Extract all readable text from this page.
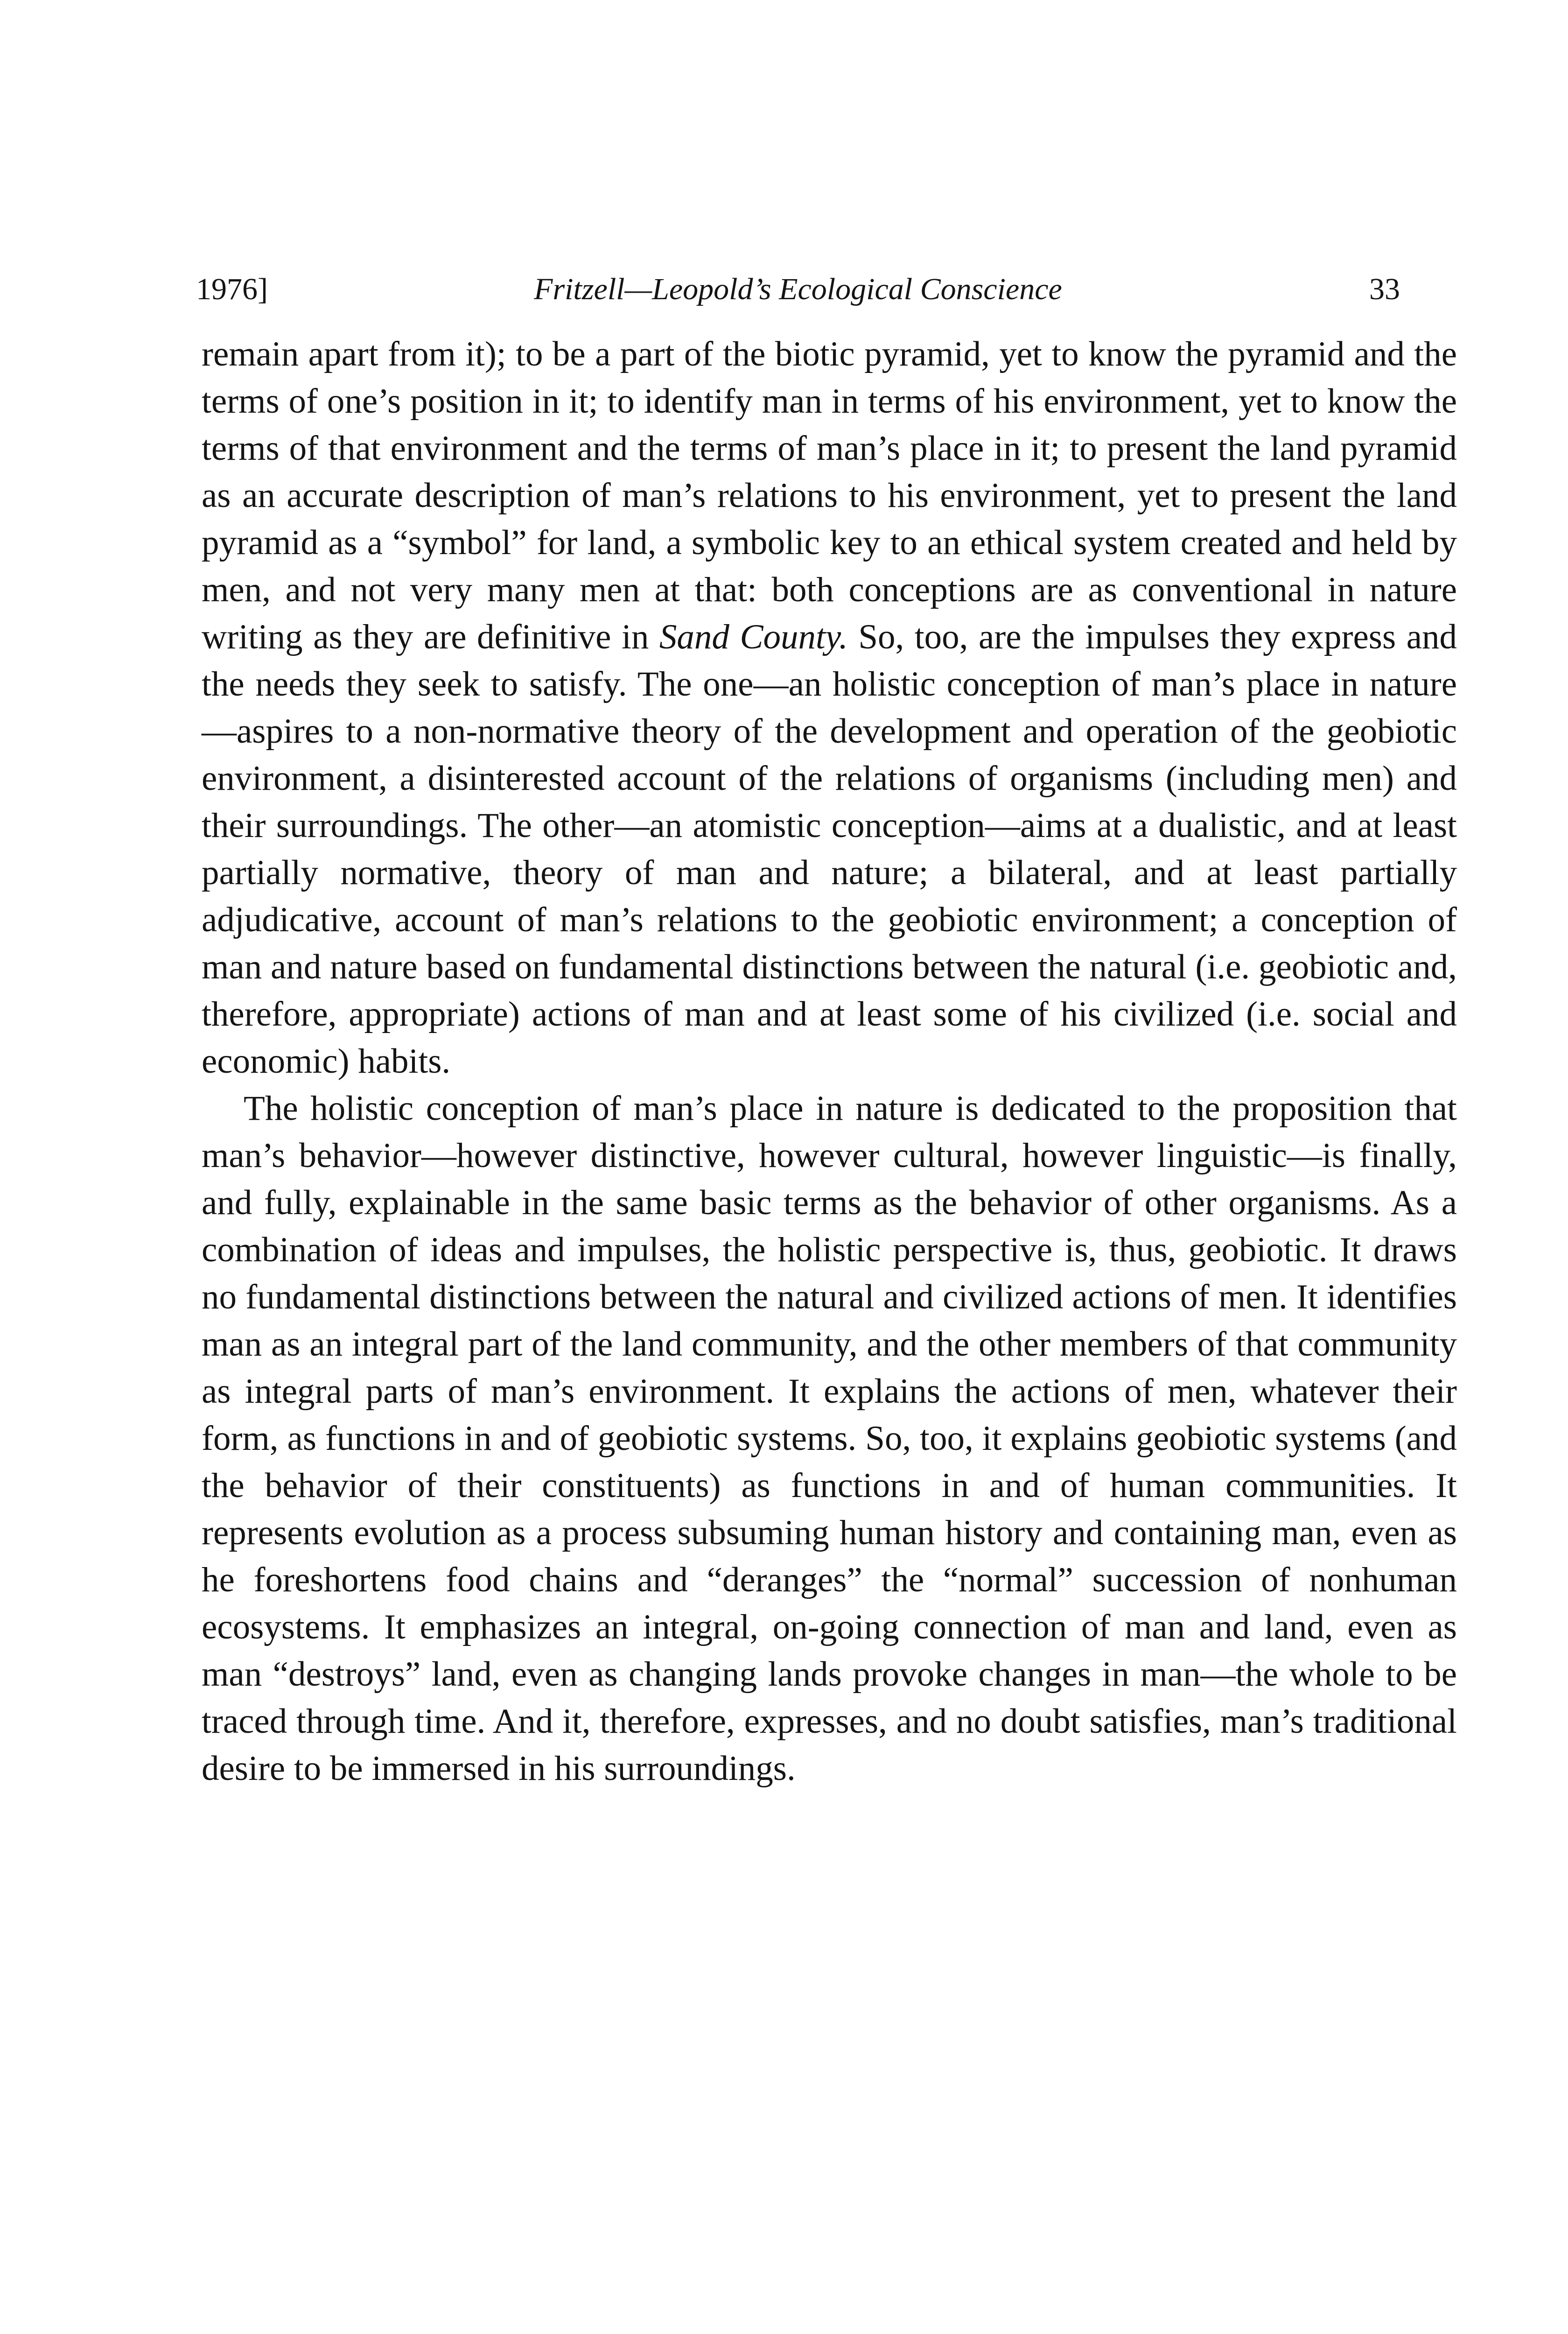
1976]	Fritzell—Leopold’s Ecological Conscience	33

remain apart from it); to be a part of the biotic pyramid, yet to know the pyramid and the terms of one’s position in it; to identify man in terms of his environment, yet to know the terms of that environment and the terms of man’s place in it; to present the land pyramid as an accurate description of man’s relations to his environment, yet to present the land pyramid as a “symbol” for land, a symbolic key to an ethical system created and held by men, and not very many men at that: both conceptions are as conventional in nature writing as they are definitive in Sand County. So, too, are the impulses they express and the needs they seek to satisfy. The one—an holistic conception of man’s place in nature—aspires to a non-normative theory of the development and operation of the geobiotic environment, a disinterested account of the relations of organisms (including men) and their surroundings. The other—an atomistic conception—aims at a dualistic, and at least partially normative, theory of man and nature; a bilateral, and at least partially adjudicative, account of man’s relations to the geobiotic environment; a conception of man and nature based on fundamental distinctions between the natural (i.e. geobiotic and, therefore, appropriate) actions of man and at least some of his civilized (i.e. social and economic) habits.

The holistic conception of man’s place in nature is dedicated to the proposition that man’s behavior—however distinctive, however cultural, however linguistic—is finally, and fully, explainable in the same basic terms as the behavior of other organisms. As a combination of ideas and impulses, the holistic perspective is, thus, geobiotic. It draws no fundamental distinctions between the natural and civilized actions of men. It identifies man as an integral part of the land community, and the other members of that community as integral parts of man’s environment. It explains the actions of men, whatever their form, as functions in and of geobiotic systems. So, too, it explains geobiotic systems (and the behavior of their constituents) as functions in and of human communities. It represents evolution as a process subsuming human history and containing man, even as he foreshortens food chains and “deranges” the “normal” succession of nonhuman ecosystems. It emphasizes an integral, on-going connection of man and land, even as man “destroys” land, even as changing lands provoke changes in man—the whole to be traced through time. And it, therefore, expresses, and no doubt satisfies, man’s traditional desire to be immersed in his surroundings.
